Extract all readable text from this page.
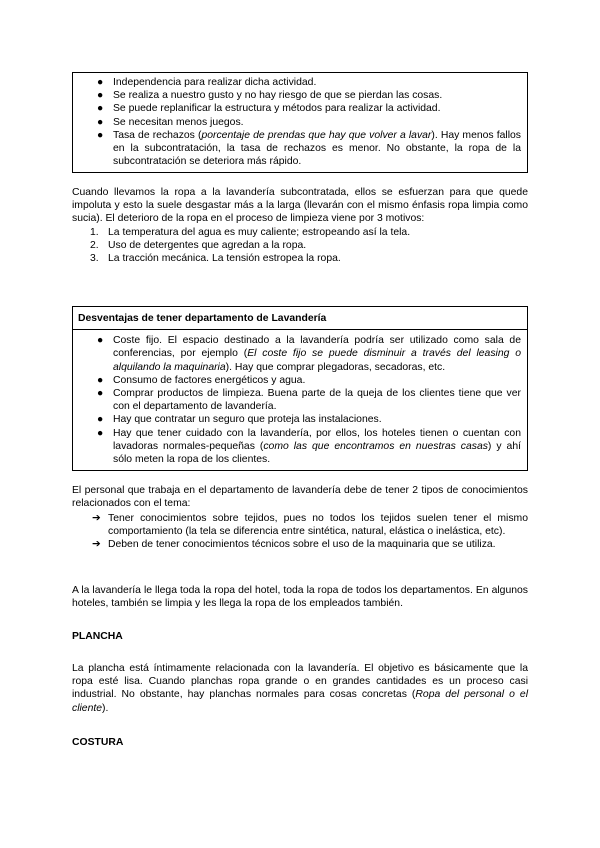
● Independencia para realizar dicha actividad.
● Se realiza a nuestro gusto y no hay riesgo de que se pierdan las cosas.
● Se puede replanificar la estructura y métodos para realizar la actividad.
● Se necesitan menos juegos.
● Tasa de rechazos (porcentaje de prendas que hay que volver a lavar). Hay menos fallos en la subcontratación, la tasa de rechazos es menor. No obstante, la ropa de la subcontratación se deteriora más rápido.

Cuando llevamos la ropa a la lavandería subcontratada, ellos se esfuerzan para que quede impoluta y esto la suele desgastar más a la larga (llevarán con el mismo énfasis ropa limpia como sucia). El deterioro de la ropa en el proceso de limpieza viene por 3 motivos:

1. La temperatura del agua es muy caliente; estropeando así la tela.
2. Uso de detergentes que agredan a la ropa.
3. La tracción mecánica. La tensión estropea la ropa.
Desventajas de tener departamento de Lavandería
● Coste fijo. El espacio destinado a la lavandería podría ser utilizado como sala de conferencias, por ejemplo (El coste fijo se puede disminuir a través del leasing o alquilando la maquinaria). Hay que comprar plegadoras, secadoras, etc.
● Consumo de factores energéticos y agua.
● Comprar productos de limpieza. Buena parte de la queja de los clientes tiene que ver con el departamento de lavandería.
● Hay que contratar un seguro que proteja las instalaciones.
● Hay que tener cuidado con la lavandería, por ellos, los hoteles tienen o cuentan con lavadoras normales-pequeñas (como las que encontramos en nuestras casas) y ahí sólo meten la ropa de los clientes.

El personal que trabaja en el departamento de lavandería debe de tener 2 tipos de conocimientos relacionados con el tema:

➔ Tener conocimientos sobre tejidos, pues no todos los tejidos suelen tener el mismo comportamiento (la tela se diferencia entre sintética, natural, elástica o inelástica, etc).
➔ Deben de tener conocimientos técnicos sobre el uso de la maquinaria que se utiliza.

A la lavandería le llega toda la ropa del hotel, toda la ropa de todos los departamentos. En algunos hoteles, también se limpia y les llega la ropa de los empleados también.

PLANCHA

La plancha está íntimamente relacionada con la lavandería. El objetivo es básicamente que la ropa esté lisa. Cuando planchas ropa grande o en grandes cantidades es un proceso casi industrial. No obstante, hay planchas normales para cosas concretas (Ropa del personal o el cliente).

COSTURA
